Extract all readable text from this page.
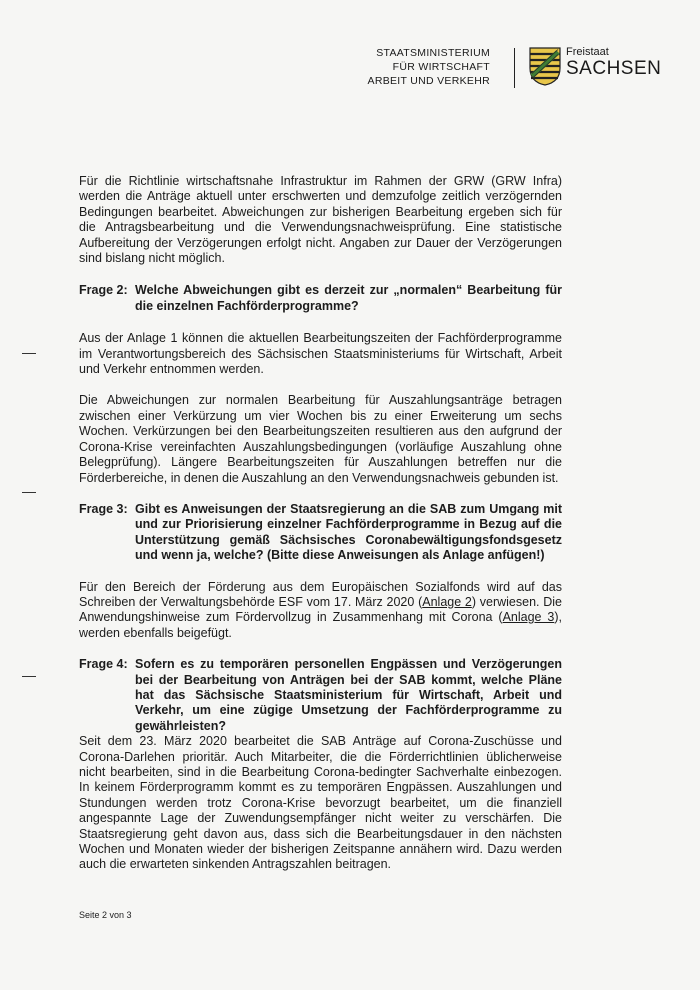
STAATSMINISTERIUM
FÜR WIRTSCHAFT
ARBEIT UND VERKEHR
Freistaat
SACHSEN

Für die Richtlinie wirtschaftsnahe Infrastruktur im Rahmen der GRW (GRW Infra) werden die Anträge aktuell unter erschwerten und demzufolge zeitlich verzögernden Bedingungen bearbeitet. Abweichungen zur bisherigen Bearbeitung ergeben sich für die Antragsbearbeitung und die Verwendungsnachweisprüfung. Eine statistische Aufbereitung der Verzögerungen erfolgt nicht. Angaben zur Dauer der Verzögerungen sind bislang nicht möglich.

Frage 2: Welche Abweichungen gibt es derzeit zur „normalen“ Bearbeitung für die einzelnen Fachförderprogramme?

Aus der Anlage 1 können die aktuellen Bearbeitungszeiten der Fachförderprogramme im Verantwortungsbereich des Sächsischen Staatsministeriums für Wirtschaft, Arbeit und Verkehr entnommen werden.

Die Abweichungen zur normalen Bearbeitung für Auszahlungsanträge betragen zwischen einer Verkürzung um vier Wochen bis zu einer Erweiterung um sechs Wochen. Verkürzungen bei den Bearbeitungszeiten resultieren aus den aufgrund der Corona-Krise vereinfachten Auszahlungsbedingungen (vorläufige Auszahlung ohne Belegprüfung). Längere Bearbeitungszeiten für Auszahlungen betreffen nur die Förderbereiche, in denen die Auszahlung an den Verwendungsnachweis gebunden ist.

Frage 3: Gibt es Anweisungen der Staatsregierung an die SAB zum Umgang mit und zur Priorisierung einzelner Fachförderprogramme in Bezug auf die Unterstützung gemäß Sächsisches Coronabewältigungsfondsgesetz und wenn ja, welche? (Bitte diese Anweisungen als Anlage anfügen!)

Für den Bereich der Förderung aus dem Europäischen Sozialfonds wird auf das Schreiben der Verwaltungsbehörde ESF vom 17. März 2020 (Anlage 2) verwiesen. Die Anwendungshinweise zum Fördervollzug in Zusammenhang mit Corona (Anlage 3), werden ebenfalls beigefügt.

Frage 4: Sofern es zu temporären personellen Engpässen und Verzögerungen bei der Bearbeitung von Anträgen bei der SAB kommt, welche Pläne hat das Sächsische Staatsministerium für Wirtschaft, Arbeit und Verkehr, um eine zügige Umsetzung der Fachförderprogramme zu gewährleisten?

Seit dem 23. März 2020 bearbeitet die SAB Anträge auf Corona-Zuschüsse und Corona-Darlehen prioritär. Auch Mitarbeiter, die die Förderrichtlinien üblicherweise nicht bearbeiten, sind in die Bearbeitung Corona-bedingter Sachverhalte einbezogen. In keinem Förderprogramm kommt es zu temporären Engpässen. Auszahlungen und Stundungen werden trotz Corona-Krise bevorzugt bearbeitet, um die finanziell angespannte Lage der Zuwendungsempfänger nicht weiter zu verschärfen. Die Staatsregierung geht davon aus, dass sich die Bearbeitungsdauer in den nächsten Wochen und Monaten wieder der bisherigen Zeitspanne annähern wird. Dazu werden auch die erwarteten sinkenden Antragszahlen beitragen.

Seite 2 von 3
